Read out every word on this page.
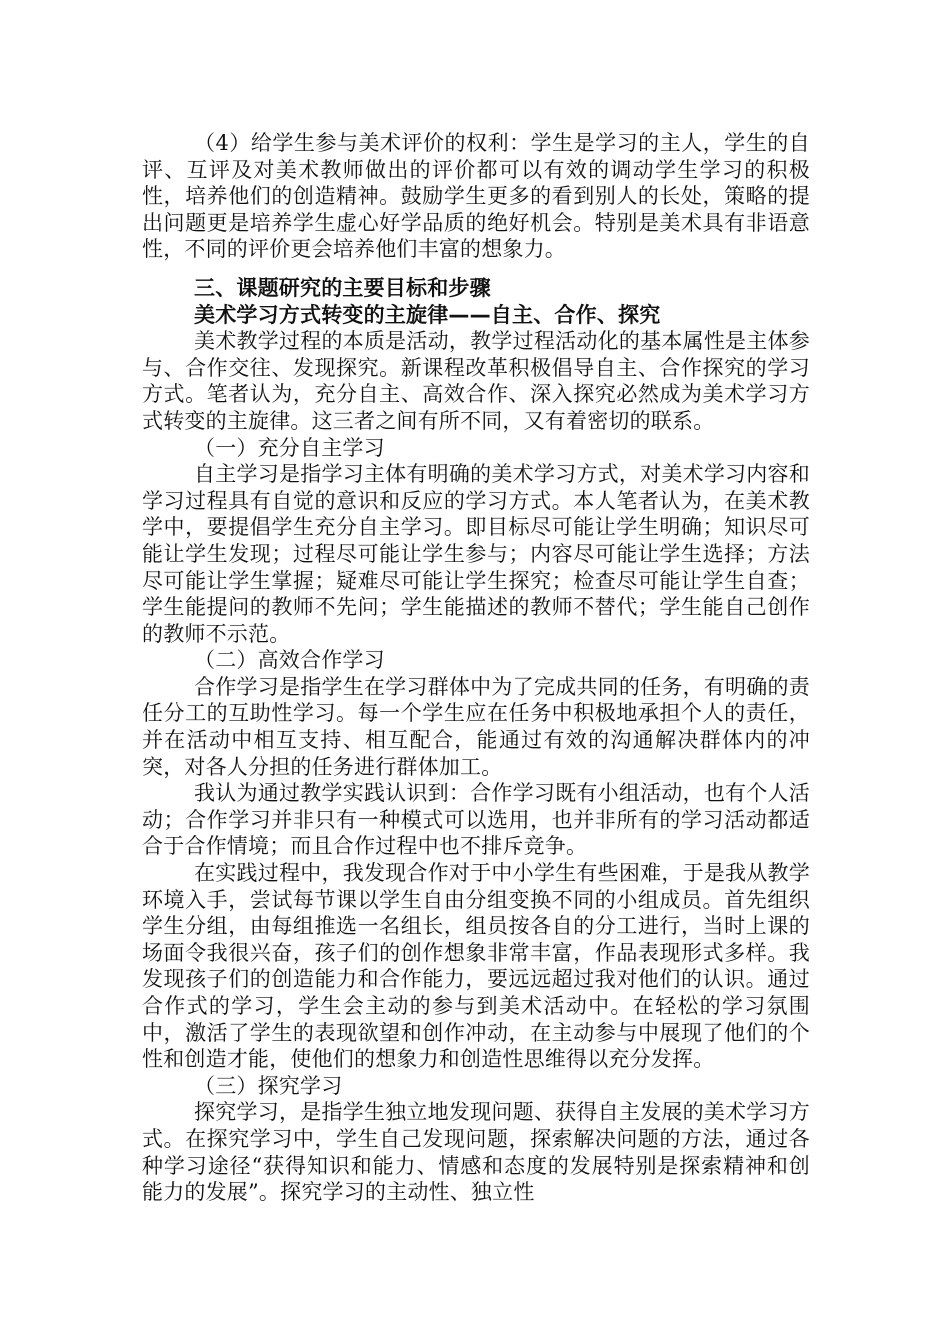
（4）给学生参与美术评价的权利：学生是学习的主人，学生的自评、互评及对美术教师做出的评价都可以有效的调动学生学习的积极性，培养他们的创造精神。鼓励学生更多的看到别人的长处，策略的提出问题更是培养学生虚心好学品质的绝好机会。特别是美术具有非语意性，不同的评价更会培养他们丰富的想象力。

三、课题研究的主要目标和步骤

美术学习方式转变的主旋律——自主、合作、探究

美术教学过程的本质是活动，教学过程活动化的基本属性是主体参与、合作交往、发现探究。新课程改革积极倡导自主、合作探究的学习方式。笔者认为，充分自主、高效合作、深入探究必然成为美术学习方式转变的主旋律。这三者之间有所不同，又有着密切的联系。

（一）充分自主学习

自主学习是指学习主体有明确的美术学习方式，对美术学习内容和学习过程具有自觉的意识和反应的学习方式。本人笔者认为，在美术教学中，要提倡学生充分自主学习。即目标尽可能让学生明确；知识尽可能让学生发现；过程尽可能让学生参与；内容尽可能让学生选择；方法尽可能让学生掌握；疑难尽可能让学生探究；检查尽可能让学生自查；学生能提问的教师不先问；学生能描述的教师不替代；学生能自己创作的教师不示范。

（二）高效合作学习

合作学习是指学生在学习群体中为了完成共同的任务，有明确的责任分工的互助性学习。每一个学生应在任务中积极地承担个人的责任，并在活动中相互支持、相互配合，能通过有效的沟通解决群体内的冲突，对各人分担的任务进行群体加工。

我认为通过教学实践认识到：合作学习既有小组活动，也有个人活动；合作学习并非只有一种模式可以选用，也并非所有的学习活动都适合于合作情境；而且合作过程中也不排斥竞争。

在实践过程中，我发现合作对于中小学生有些困难，于是我从教学环境入手，尝试每节课以学生自由分组变换不同的小组成员。首先组织学生分组，由每组推选一名组长，组员按各自的分工进行，当时上课的场面令我很兴奋，孩子们的创作想象非常丰富，作品表现形式多样。我发现孩子们的创造能力和合作能力，要远远超过我对他们的认识。通过合作式的学习，学生会主动的参与到美术活动中。在轻松的学习氛围中，激活了学生的表现欲望和创作冲动，在主动参与中展现了他们的个性和创造才能，使他们的想象力和创造性思维得以充分发挥。

（三）探究学习

探究学习，是指学生独立地发现问题、获得自主发展的美术学习方式。在探究学习中，学生自己发现问题，探索解决问题的方法，通过各种学习途径“获得知识和能力、情感和态度的发展特别是探索精神和创能力的发展”。探究学习的主动性、独立性
